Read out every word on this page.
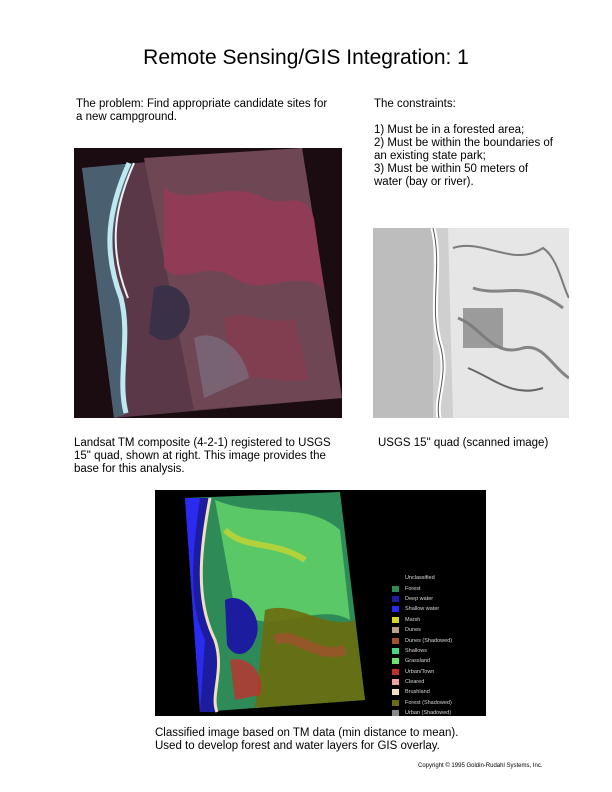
Remote Sensing/GIS Integration: 1
The problem: Find appropriate candidate sites for
a new campground.
The constraints:

1) Must be in a forested area;
2) Must be within the boundaries of
an existing state park;
3) Must be within 50 meters of
water (bay or river).
Landsat TM composite (4-2-1) registered to USGS
15" quad, shown at right. This image provides the
base for this analysis.
USGS 15" quad (scanned image)
Unclassified
Forest
Deep water
Shallow water
Marsh
Dunes
Dunes (Shadowed)
Shallows
Grassland
Urban/Town
Cleared
Brushland
Forest (Shadowed)
Urban (Shadowed)
Classified image based on TM data (min distance to mean).
Used to develop forest and water layers for GIS overlay.
Copyright © 1995 Goldin-Rudahl Systems, Inc.
